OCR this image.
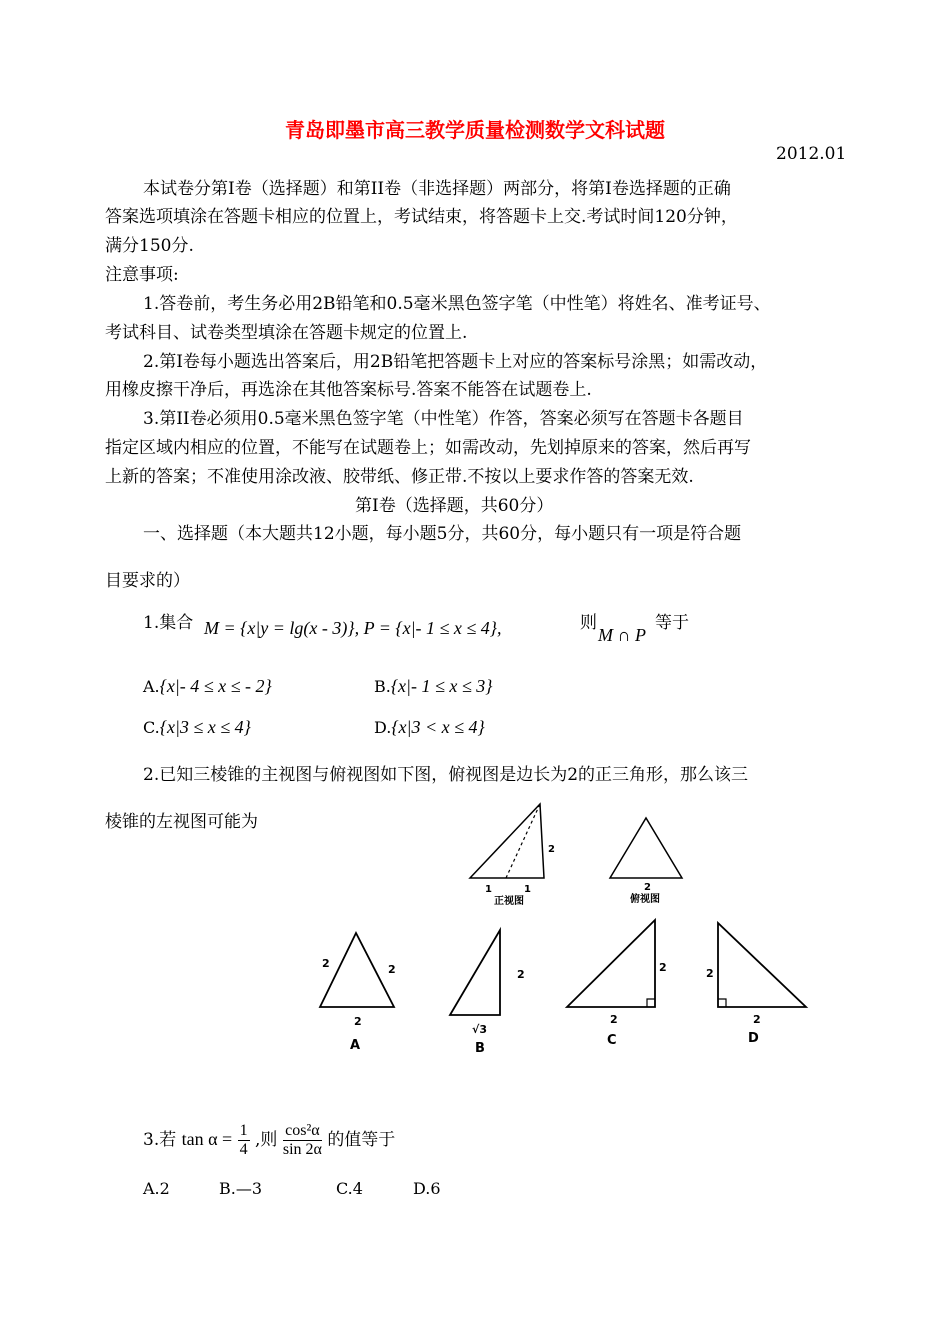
青岛即墨市高三教学质量检测数学文科试题
2012.01
本试卷分第Ⅰ卷（选择题）和第II卷（非选择题）两部分，将第Ⅰ卷选择题的正确
答案选项填涂在答题卡相应的位置上，考试结束，将答题卡上交.考试时间120分钟，
满分150分.
注意事项:
1.答卷前，考生务必用2B铅笔和0.5毫米黑色签字笔（中性笔）将姓名、准考证号、
考试科目、试卷类型填涂在答题卡规定的位置上.
2.第Ⅰ卷每小题选出答案后，用2B铅笔把答题卡上对应的答案标号涂黑；如需改动，
用橡皮擦干净后，再选涂在其他答案标号.答案不能答在试题卷上.
3.第II卷必须用0.5毫米黑色签字笔（中性笔）作答，答案必须写在答题卡各题目
指定区域内相应的位置，不能写在试题卷上；如需改动，先划掉原来的答案，然后再写
上新的答案；不准使用涂改液、胶带纸、修正带.不按以上要求作答的答案无效.
第Ⅰ卷（选择题，共60分）
一、选择题（本大题共12小题，每小题5分，共60分，每小题只有一项是符合题
目要求的）
1.集合 M = {x|y = lg(x - 3)}, P = {x|- 1 ≤ x ≤ 4},	则
M ∩ P
等于
A.{x|- 4 ≤ x ≤ - 2}	B.{x|- 1 ≤ x ≤ 3}
C.{x|3 ≤ x ≤ 4}	D.{x|3 < x ≤ 4}
2.已知三棱锥的主视图与俯视图如下图，俯视图是边长为2的正三角形，那么该三
棱锥的左视图可能为
1	1
2
2
正视图	俯视图
2	2
2
√3
2
2
2
2
2
A	B
C	D
3.若 $\tan \alpha = \frac{1}{4}$ ,则 $\frac{\text{cos²α}}{\sin 2\alpha}$ 的值等于
A.2	B.—3	C.4	D.6
